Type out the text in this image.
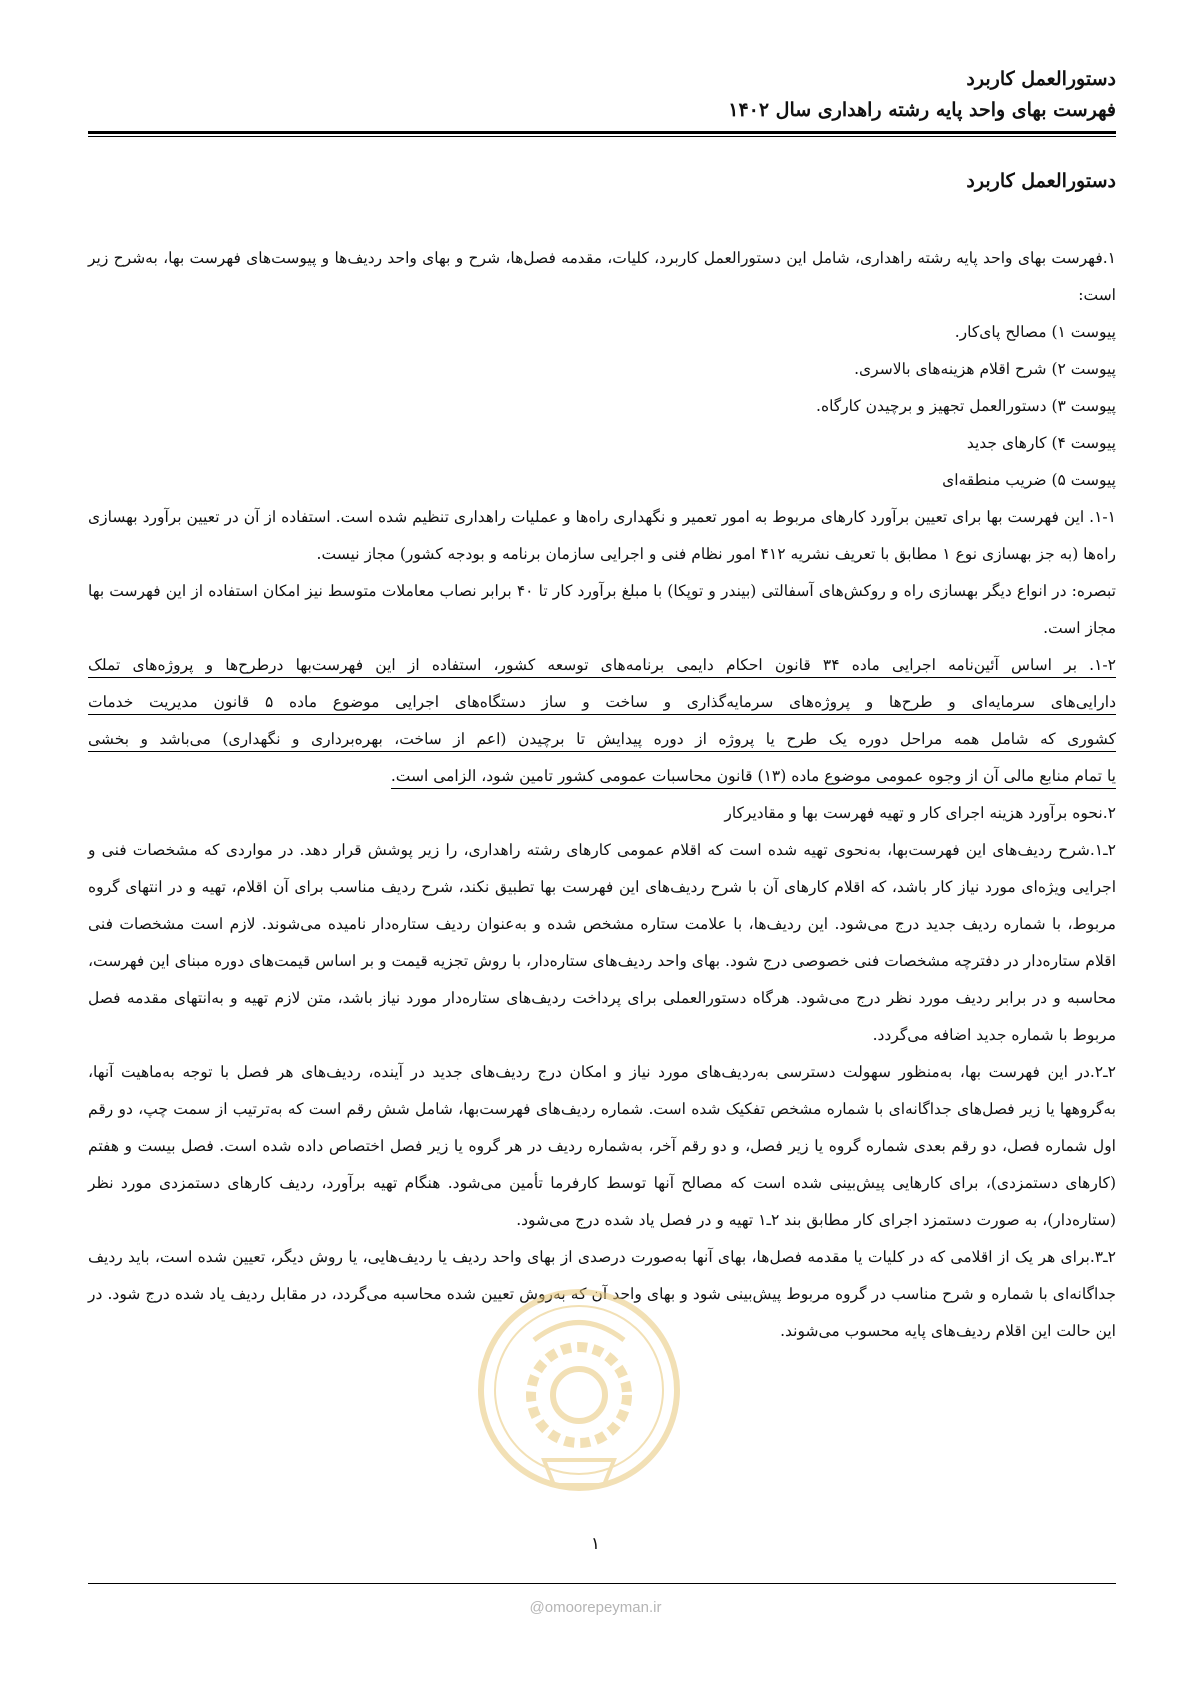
دستورالعمل کاربرد
فهرست بهای واحد پایه رشته راهداری سال ۱۴۰۲
دستورالعمل کاربرد

۱.فهرست بهای واحد پایه رشته راهداری، شامل این دستورالعمل کاربرد، کلیات، مقدمه فصل‌ها، شرح و بهای واحد ردیف‌ها و پیوست‌های فهرست بها، به‌شرح زیر است:

پیوست ۱) مصالح پای‌کار.

پیوست ۲) شرح اقلام هزینه‌های بالاسری.

پیوست ۳) دستورالعمل تجهیز و برچیدن کارگاه.

پیوست ۴) کارهای جدید

پیوست ۵) ضریب منطقه‌ای

۱-۱. این فهرست بها برای تعیین برآورد کارهای مربوط به امور تعمیر و نگهداری راه‌ها و عملیات راهداری تنظیم شده است. استفاده از آن در تعیین برآورد بهسازی راه‌ها (به جز بهسازی نوع ۱ مطابق با تعریف نشریه ۴۱۲ امور نظام فنی و اجرایی سازمان برنامه و بودجه کشور) مجاز نیست.

تبصره: در انواع دیگر بهسازی راه و روکش‌های آسفالتی (بیندر و توپکا) با مبلغ برآورد کار تا ۴۰ برابر نصاب معاملات متوسط نیز امکان استفاده از این فهرست بها مجاز است.

۱-۲. بر اساس آئین‌نامه اجرایی ماده ۳۴ قانون احکام دایمی برنامه‌های توسعه کشور، استفاده از این فهرست‌بها درطرح‌ها و پروژه‌های تملک

دارایی‌های سرمایه‌ای و طرح‌ها و پروژه‌های سرمایه‌گذاری و ساخت و ساز دستگاه‌های اجرایی موضوع ماده ۵ قانون مدیریت خدمات

کشوری که شامل همه مراحل دوره یک طرح یا پروژه از دوره پیدایش تا برچیدن (اعم از ساخت، بهره‌برداری و نگهداری) می‌باشد و بخشی

یا تمام منابع مالی آن از وجوه عمومی موضوع ماده (۱۳) قانون محاسبات عمومی کشور تامین شود، الزامی است.

۲.نحوه برآورد هزینه اجرای کار و تهیه فهرست بها و مقادیرکار

۲ـ۱.شرح ردیف‌های این فهرست‌بها، به‌نحوی تهیه شده است که اقلام عمومی کارهای رشته راهداری، را زیر پوشش قرار دهد. در مواردی که مشخصات فنی و اجرایی ویژه‌ای مورد نیاز کار باشد، که اقلام کارهای آن با شرح ردیف‌های این فهرست بها تطبیق نکند، شرح ردیف مناسب برای آن اقلام، تهیه و در انتهای گروه مربوط، با شماره ردیف جدید درج می‌شود. این ردیف‌ها، با علامت ستاره مشخص شده و به‌عنوان ردیف ستاره‌دار نامیده می‌شوند. لازم است مشخصات فنی اقلام ستاره‌دار در دفترچه مشخصات فنی خصوصی درج شود. بهای واحد ردیف‌های ستاره‌دار، با روش تجزیه قیمت و بر اساس قیمت‌های دوره مبنای این فهرست، محاسبه و در برابر ردیف مورد نظر درج می‌شود. هرگاه دستورالعملی برای پرداخت ردیف‌های ستاره‌دار مورد نیاز باشد، متن لازم تهیه و به‌انتهای مقدمه فصل مربوط با شماره جدید اضافه می‌گردد.

۲ـ۲.در این فهرست بها، به‌منظور سهولت دسترسی به‌ردیف‌های مورد نیاز و امکان درج ردیف‌های جدید در آینده، ردیف‌های هر فصل با توجه به‌ماهیت آنها، به‌گروهها یا زیر فصل‌های جداگانه‌ای با شماره مشخص تفکیک شده است. شماره ردیف‌های فهرست‌بها، شامل شش رقم است که به‌ترتیب از سمت چپ، دو رقم اول شماره فصل، دو رقم بعدی شماره گروه یا زیر فصل، و دو رقم آخر، به‌شماره ردیف در هر گروه یا زیر فصل اختصاص داده شده است. فصل بیست و هفتم (کارهای دستمزدی)، برای کارهایی پیش‌بینی شده است که مصالح آنها توسط کارفرما تأمین می‌شود. هنگام تهیه برآورد، ردیف کارهای دستمزدی مورد نظر (ستاره‌دار)، به صورت دستمزد اجرای کار مطابق بند ۲ـ۱ تهیه و در فصل یاد شده درج می‌شود.

۲ـ۳.برای هر یک از اقلامی که در کلیات یا مقدمه فصل‌ها، بهای آنها به‌صورت درصدی از بهای واحد ردیف یا ردیف‌هایی، یا روش دیگر، تعیین شده است، باید ردیف جداگانه‌ای با شماره و شرح مناسب در گروه مربوط پیش‌بینی شود و بهای واحد آن که به‌روش تعیین شده محاسبه می‌گردد، در مقابل ردیف یاد شده درج شود. در این حالت این اقلام ردیف‌های پایه محسوب می‌شوند.

۱
@omoorepeyman.ir
